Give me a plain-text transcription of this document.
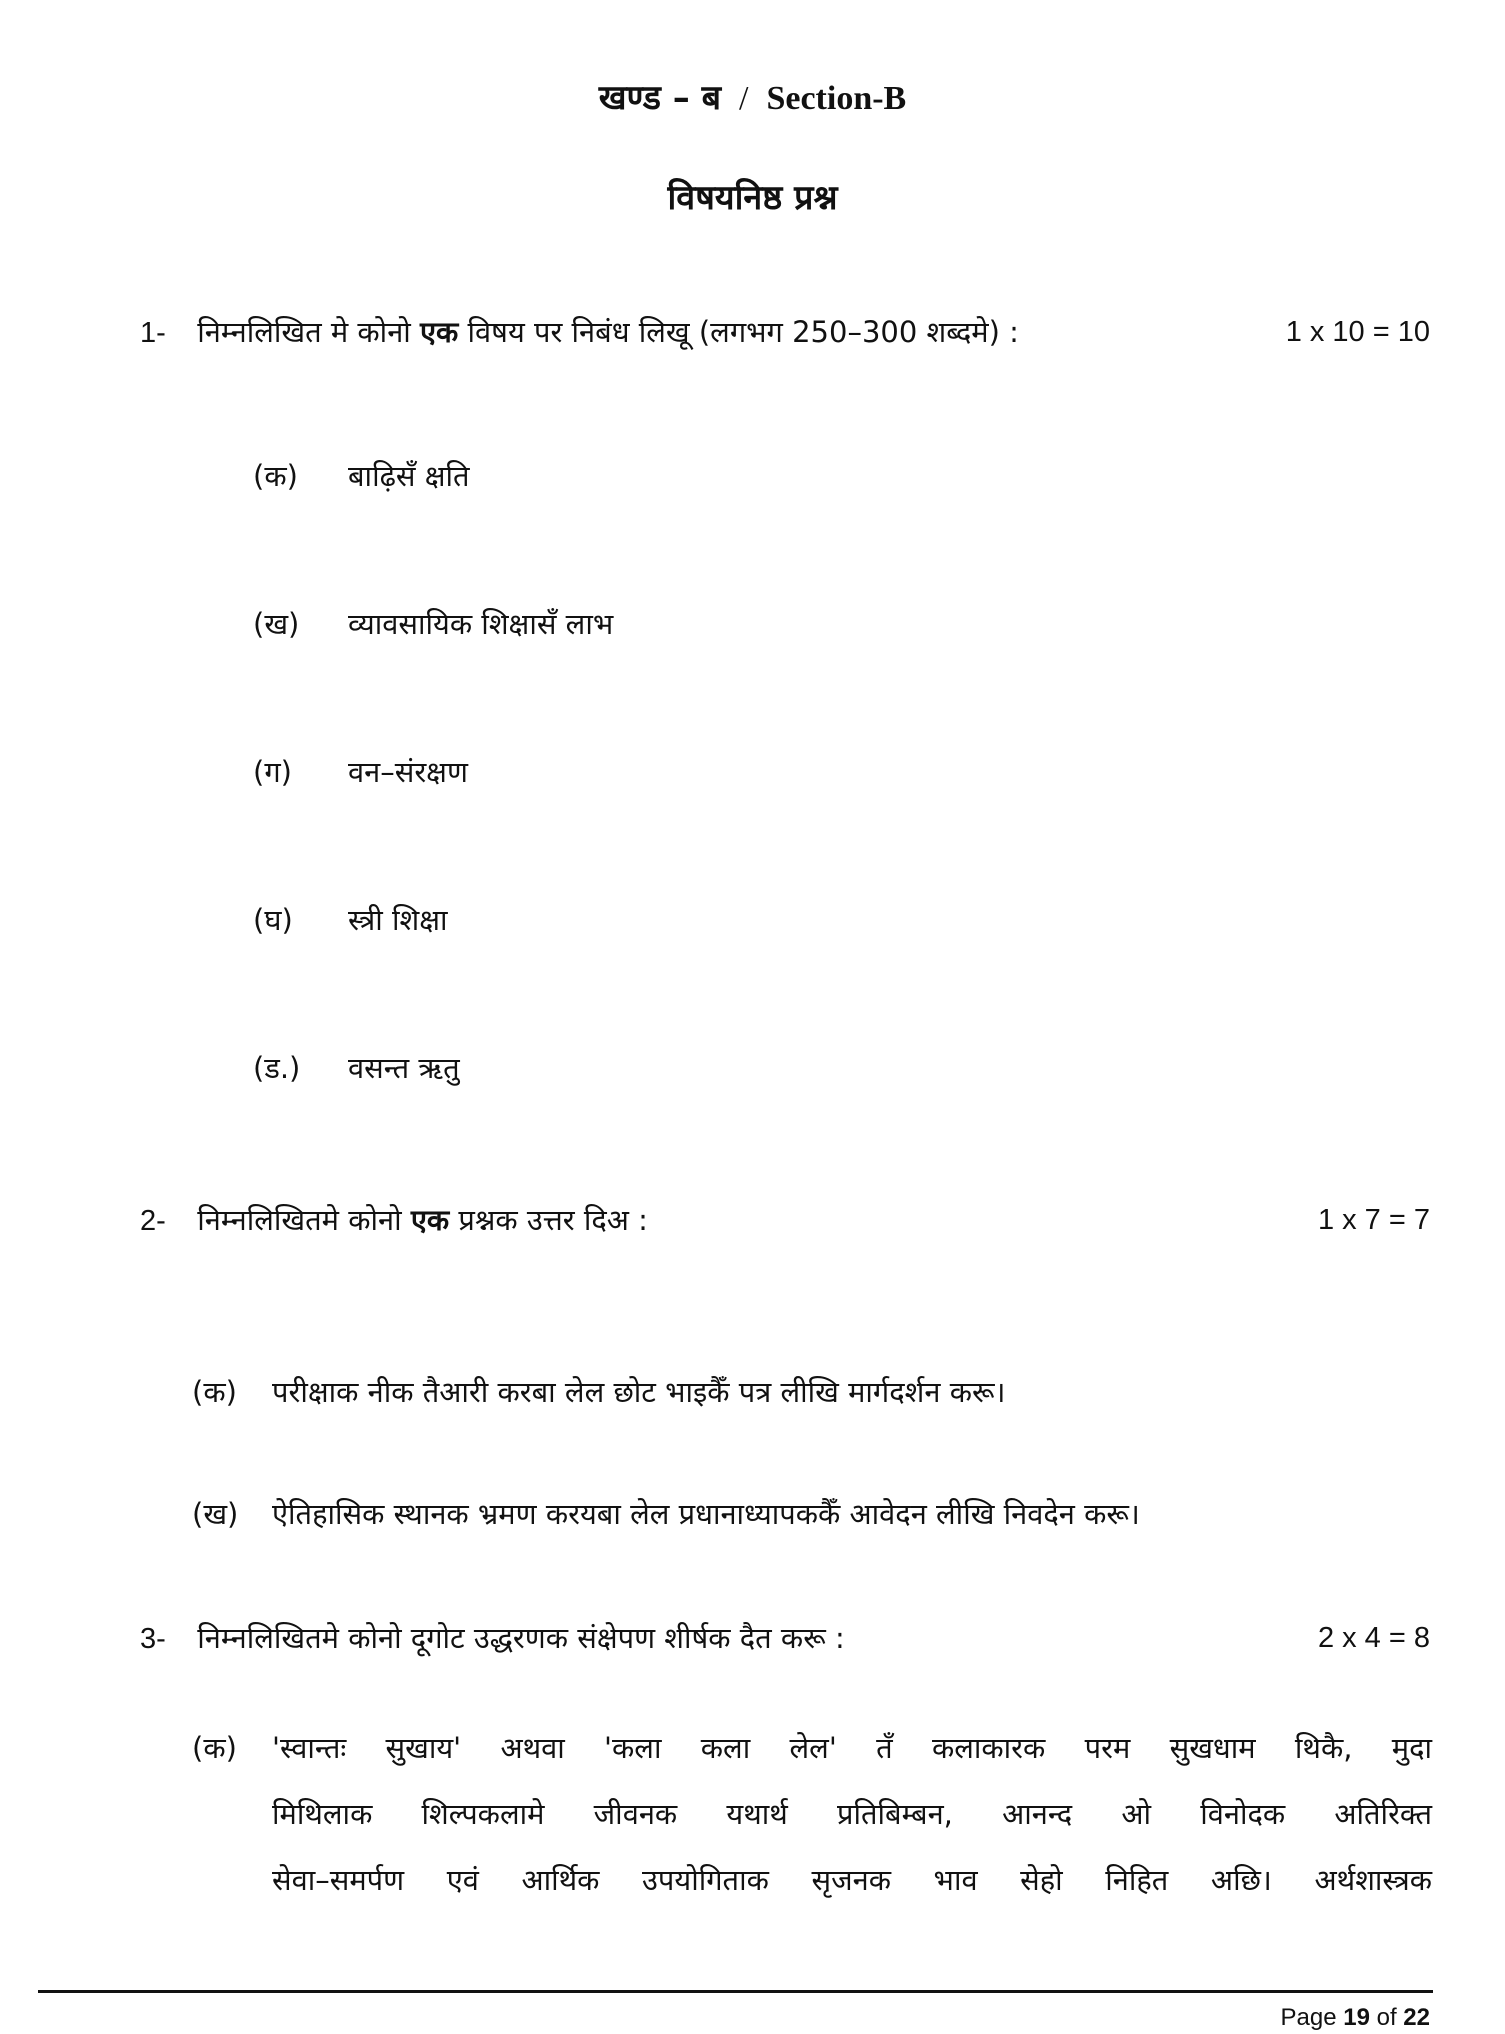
खण्ड – ब / Section-B
विषयनिष्ठ प्रश्न
1- निम्नलिखित मे कोनो एक विषय पर निबंध लिखू (लगभग 250–300 शब्दमे) :	1 x 10 = 10
(क) बाढ़िसँ क्षति
(ख) व्यावसायिक शिक्षासँ लाभ
(ग) वन–संरक्षण
(घ) स्त्री शिक्षा
(ड.) वसन्त ऋतु
2- निम्नलिखितमे कोनो एक प्रश्नक उत्तर दिअ :	1 x 7 = 7
(क) परीक्षाक नीक तैआरी करबा लेल छोट भाइकैँ पत्र लीखि मार्गदर्शन करू।
(ख) ऐतिहासिक स्थानक भ्रमण करयबा लेल प्रधानाध्यापककैँ आवेदन लीखि निवदेन करू।
3- निम्नलिखितमे कोनो दूगोट उद्धरणक संक्षेपण शीर्षक दैत करू :	2 x 4 = 8
(क) 'स्वान्तः सुखाय' अथवा 'कला कला लेल' तँ कलाकारक परम सुखधाम थिकै, मुदा
मिथिलाक शिल्पकलामे जीवनक यथार्थ प्रतिबिम्बन, आनन्द ओ विनोदक अतिरिक्त
सेवा–समर्पण एवं आर्थिक उपयोगिताक सृजनक भाव सेहो निहित अछि। अर्थशास्त्रक
Page 19 of 22
